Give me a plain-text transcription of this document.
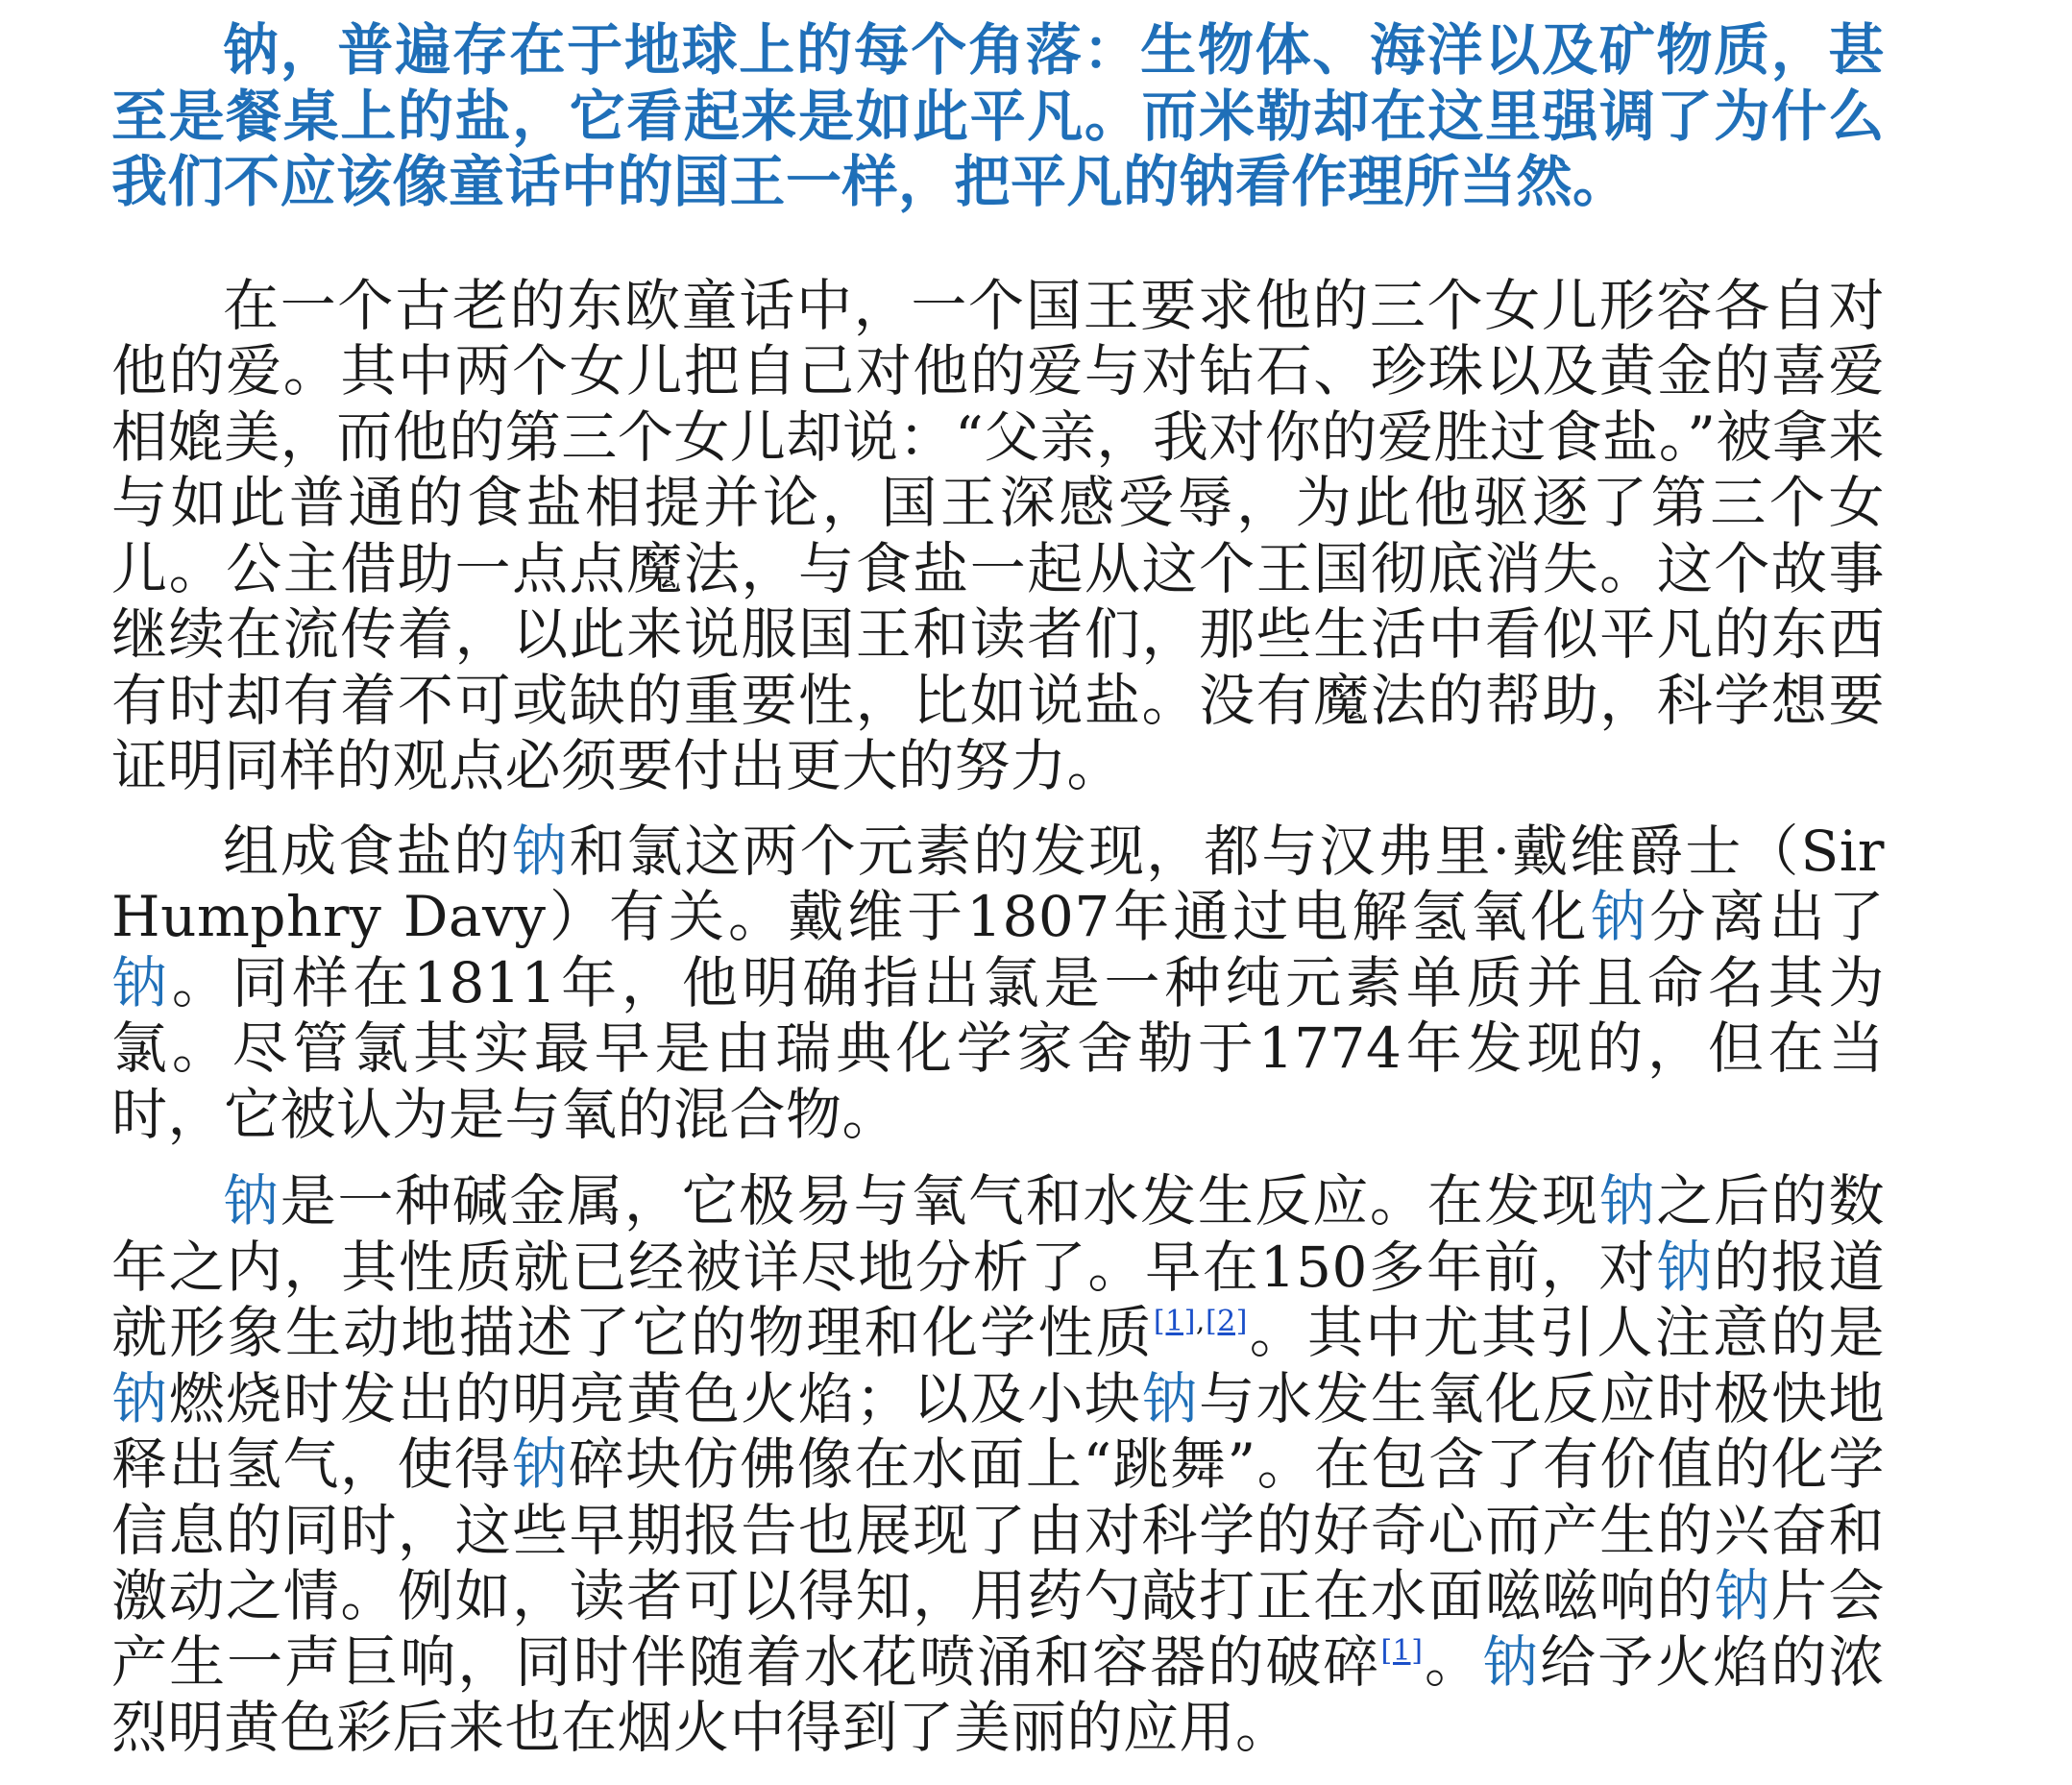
钠，普遍存在于地球上的每个角落：生物体、海洋以及矿物质，甚至是餐桌上的盐，它看起来是如此平凡。而米勒却在这里强调了为什么我们不应该像童话中的国王一样，把平凡的钠看作理所当然。

在一个古老的东欧童话中，一个国王要求他的三个女儿形容各自对他的爱。其中两个女儿把自己对他的爱与对钻石、珍珠以及黄金的喜爱相媲美，而他的第三个女儿却说：“父亲，我对你的爱胜过食盐。”被拿来与如此普通的食盐相提并论，国王深感受辱，为此他驱逐了第三个女儿。公主借助一点点魔法，与食盐一起从这个王国彻底消失。这个故事继续在流传着，以此来说服国王和读者们，那些生活中看似平凡的东西有时却有着不可或缺的重要性，比如说盐。没有魔法的帮助，科学想要证明同样的观点必须要付出更大的努力。

组成食盐的钠和氯这两个元素的发现，都与汉弗里·戴维爵士（Sir Humphry Davy）有关。戴维于1807年通过电解氢氧化钠分离出了钠。同样在1811年，他明确指出氯是一种纯元素单质并且命名其为氯。尽管氯其实最早是由瑞典化学家舍勒于1774年发现的，但在当时，它被认为是与氧的混合物。

钠是一种碱金属，它极易与氧气和水发生反应。在发现钠之后的数年之内，其性质就已经被详尽地分析了。早在150多年前，对钠的报道就形象生动地描述了它的物理和化学性质[1],[2]。其中尤其引人注意的是钠燃烧时发出的明亮黄色火焰；以及小块钠与水发生氧化反应时极快地释出氢气，使得钠碎块仿佛像在水面上“跳舞”。在包含了有价值的化学信息的同时，这些早期报告也展现了由对科学的好奇心而产生的兴奋和激动之情。例如，读者可以得知，用药勺敲打正在水面嗞嗞响的钠片会产生一声巨响，同时伴随着水花喷涌和容器的破碎[1]。钠给予火焰的浓烈明黄色彩后来也在烟火中得到了美丽的应用。
